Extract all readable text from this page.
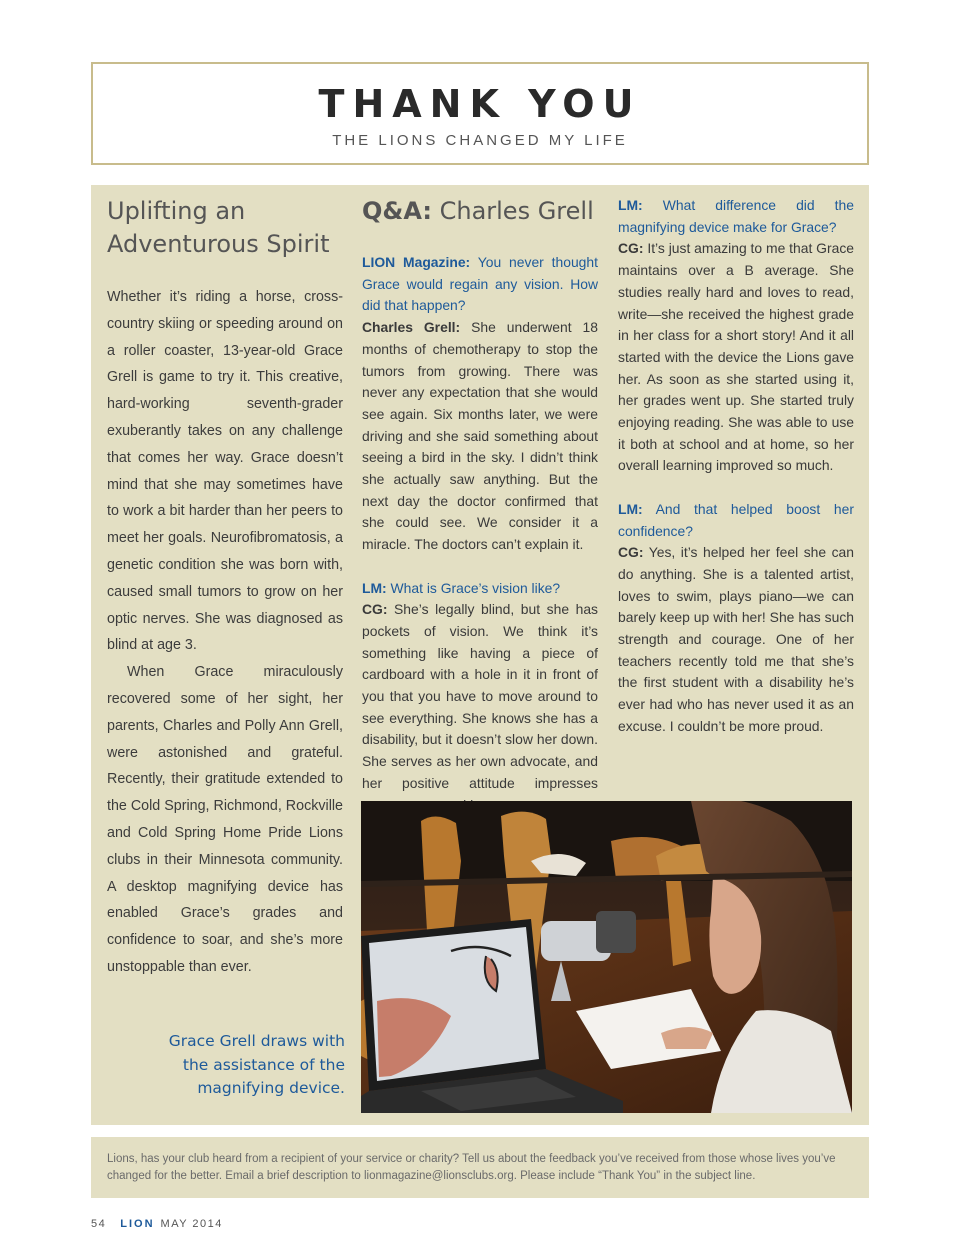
THANK YOU
THE LIONS CHANGED MY LIFE
Uplifting an Adventurous Spirit

Whether it’s riding a horse, cross-country skiing or speeding around on a roller coaster, 13-year-old Grace Grell is game to try it. This creative, hard-working seventh-grader exuberantly takes on any challenge that comes her way. Grace doesn’t mind that she may sometimes have to work a bit harder than her peers to meet her goals. Neurofibromatosis, a genetic condition she was born with, caused small tumors to grow on her optic nerves. She was diagnosed as blind at age 3.

When Grace miraculously recovered some of her sight, her parents, Charles and Polly Ann Grell, were astonished and grateful. Recently, their gratitude extended to the Cold Spring, Richmond, Rockville and Cold Spring Home Pride Lions clubs in their Minnesota community. A desktop magnifying device has enabled Grace’s grades and confidence to soar, and she’s more unstoppable than ever.

Q&A: Charles Grell

LION Magazine: You never thought Grace would regain any vision. How did that happen?

Charles Grell: She underwent 18 months of chemotherapy to stop the tumors from growing. There was never any expectation that she would see again. Six months later, we were driving and she said something about seeing a bird in the sky. I didn’t think she actually saw anything. But the next day the doctor confirmed that she could see. We consider it a miracle. The doctors can’t explain it.

LM: What is Grace’s vision like?

CG: She’s legally blind, but she has pockets of vision. We think it’s something like having a piece of cardboard with a hole in it in front of you that you have to move around to see everything. She knows she has a disability, but it doesn’t slow her down. She serves as her own advocate, and her positive attitude impresses

LM: What difference did the magnifying device make for Grace?

CG: It’s just amazing to me that Grace maintains over a B average. She studies really hard and loves to read, write—she received the highest grade in her class for a short story! And it all started with the device the Lions gave her. As soon as she started using it, her grades went up. She started truly enjoying reading. She was able to use it both at school and at home, so her overall learning improved so much.

LM: And that helped boost her confidence?

CG: Yes, it’s helped her feel she can do anything. She is a talented artist, loves to swim, plays piano—we can barely keep up with her! She has such strength and courage. One of her teachers recently told me that she’s the first student with a disability he’s ever had who has never used it as an excuse. I couldn’t be more proud.

Grace Grell draws with the assistance of the magnifying device.
Lions, has your club heard from a recipient of your service or charity? Tell us about the feedback you’ve received from those whose lives you’ve changed for the better. Email a brief description to lionmagazine@lionsclubs.org. Please include “Thank You” in the subject line.
54 LION MAY 2014
